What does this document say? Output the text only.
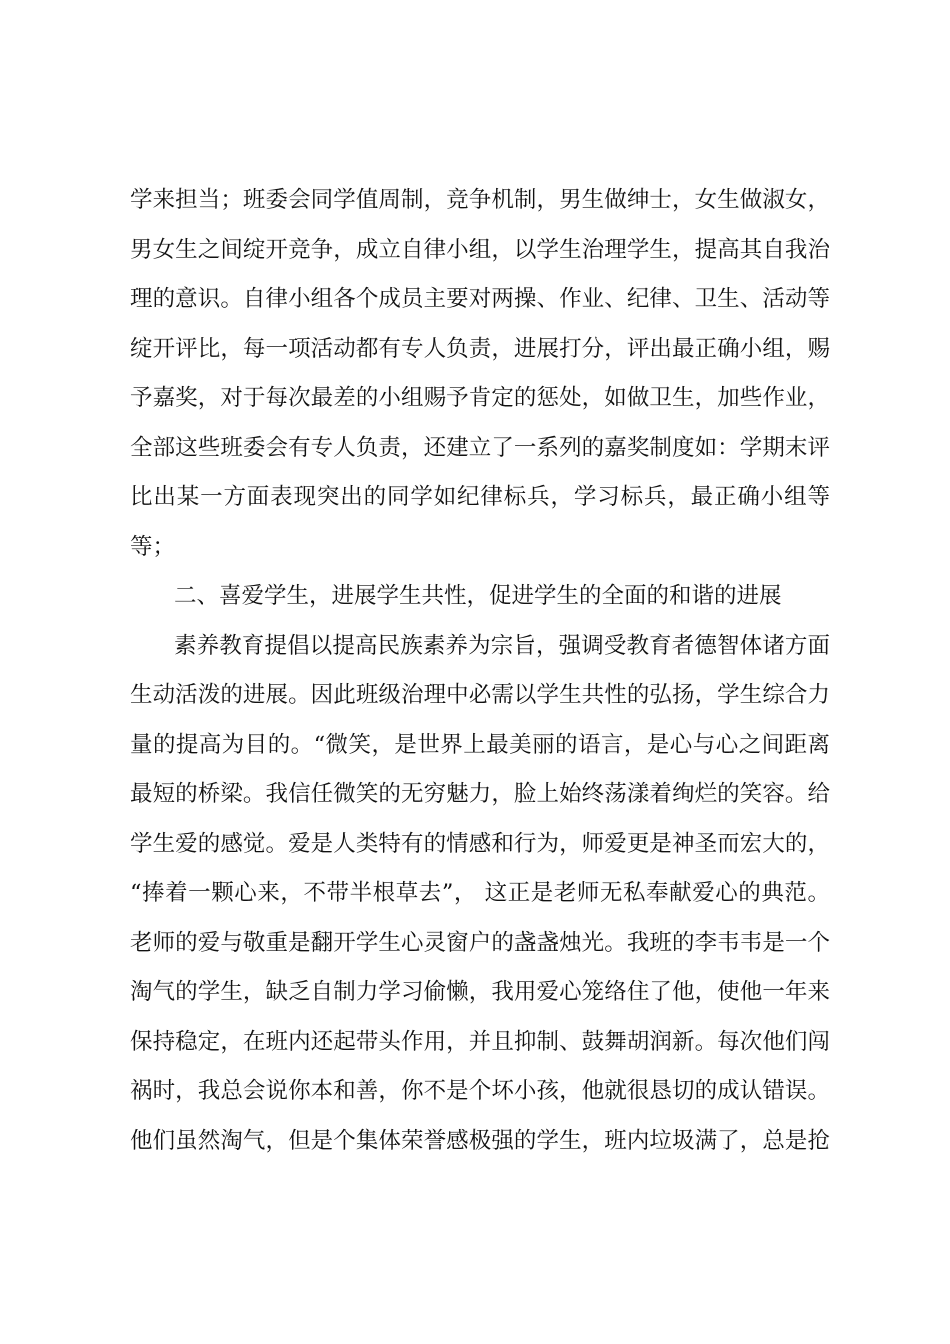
学来担当；班委会同学值周制，竞争机制，男生做绅士，女生做淑女，
男女生之间绽开竞争，成立自律小组，以学生治理学生，提高其自我治
理的意识。自律小组各个成员主要对两操、作业、纪律、卫生、活动等
绽开评比，每一项活动都有专人负责，进展打分，评出最正确小组，赐
予嘉奖，对于每次最差的小组赐予肯定的惩处，如做卫生，加些作业，
全部这些班委会有专人负责，还建立了一系列的嘉奖制度如：学期末评
比出某一方面表现突出的同学如纪律标兵，学习标兵，最正确小组等
等；
二、喜爱学生，进展学生共性，促进学生的全面的和谐的进展
素养教育提倡以提高民族素养为宗旨，强调受教育者德智体诸方面
生动活泼的进展。因此班级治理中必需以学生共性的弘扬，学生综合力
量的提高为目的。“微笑，是世界上最美丽的语言，是心与心之间距离
最短的桥梁。我信任微笑的无穷魅力，脸上始终荡漾着绚烂的笑容。给
学生爱的感觉。爱是人类特有的情感和行为，师爱更是神圣而宏大的，
“捧着一颗心来，不带半根草去”， 这正是老师无私奉献爱心的典范。
老师的爱与敬重是翻开学生心灵窗户的盏盏烛光。我班的李韦韦是一个
淘气的学生，缺乏自制力学习偷懒，我用爱心笼络住了他，使他一年来
保持稳定，在班内还起带头作用，并且抑制、鼓舞胡润新。每次他们闯
祸时，我总会说你本和善，你不是个坏小孩，他就很恳切的成认错误。
他们虽然淘气，但是个集体荣誉感极强的学生，班内垃圾满了，总是抢
